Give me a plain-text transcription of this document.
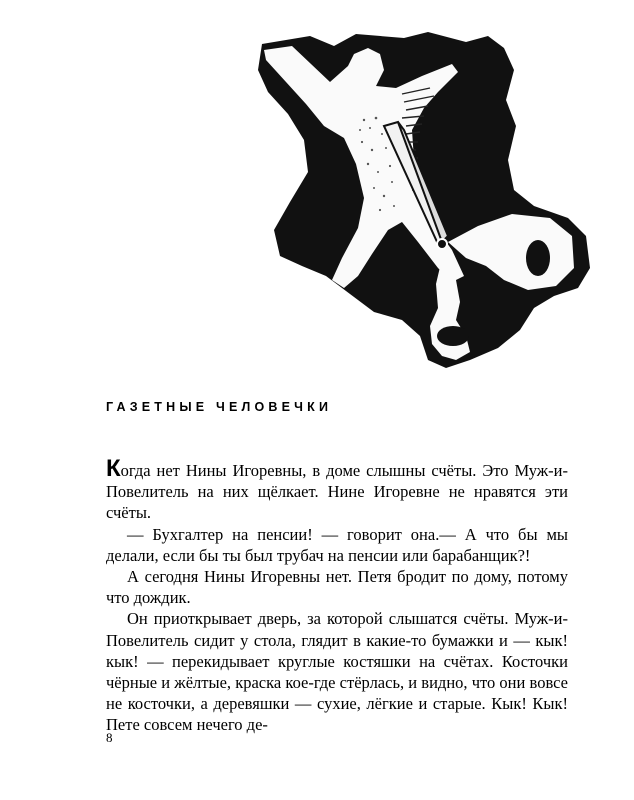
ГАЗЕТНЫЕ ЧЕЛОВЕЧКИ

Когда нет Нины Игоревны, в доме слышны счёты. Это Муж-и-Повелитель на них щёлкает. Нине Игоревне не нравятся эти счёты.

— Бухгалтер на пенсии! — говорит она.— А что бы мы делали, если бы ты был трубач на пенсии или барабанщик?!

А сегодня Нины Игоревны нет. Петя бродит по дому, потому что дождик.

Он приоткрывает дверь, за которой слышатся счёты. Муж-и-Повелитель сидит у стола, глядит в какие-то бумажки и — кык! кык! — перекидывает круглые костяшки на счётах. Косточки чёрные и жёлтые, краска кое-где стёрлась, и видно, что они вовсе не косточки, а деревяшки — сухие, лёгкие и старые. Кык! Кык! Пете совсем нечего де-

8
